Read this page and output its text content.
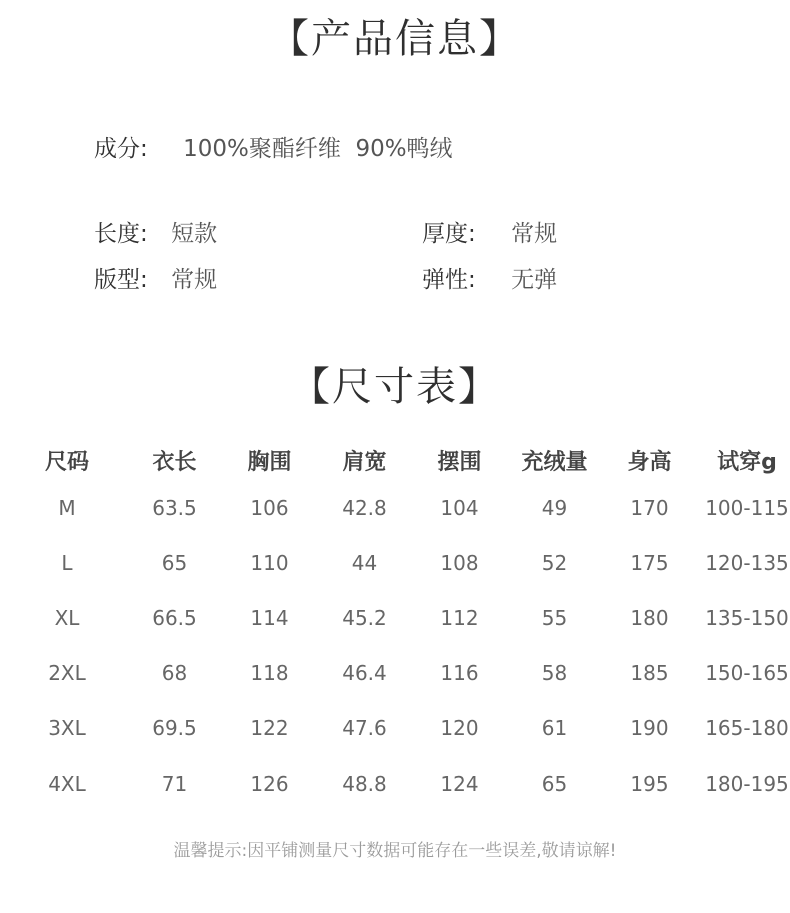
【产品信息】
成分: 100%聚酯纤维  90%鸭绒
长度: 短款	厚度: 常规
版型: 常规	弹性: 无弹
【尺寸表】
尺码	衣长	胸围	肩宽	摆围	充绒量	身高	试穿g
M	63.5	106	42.8	104	49	170	100-115
L	65	110	44	108	52	175	120-135
XL	66.5	114	45.2	112	55	180	135-150
2XL	68	118	46.4	116	58	185	150-165
3XL	69.5	122	47.6	120	61	190	165-180
4XL	71	126	48.8	124	65	195	180-195
温馨提示:因平铺测量尺寸数据可能存在一些误差,敬请谅解!
